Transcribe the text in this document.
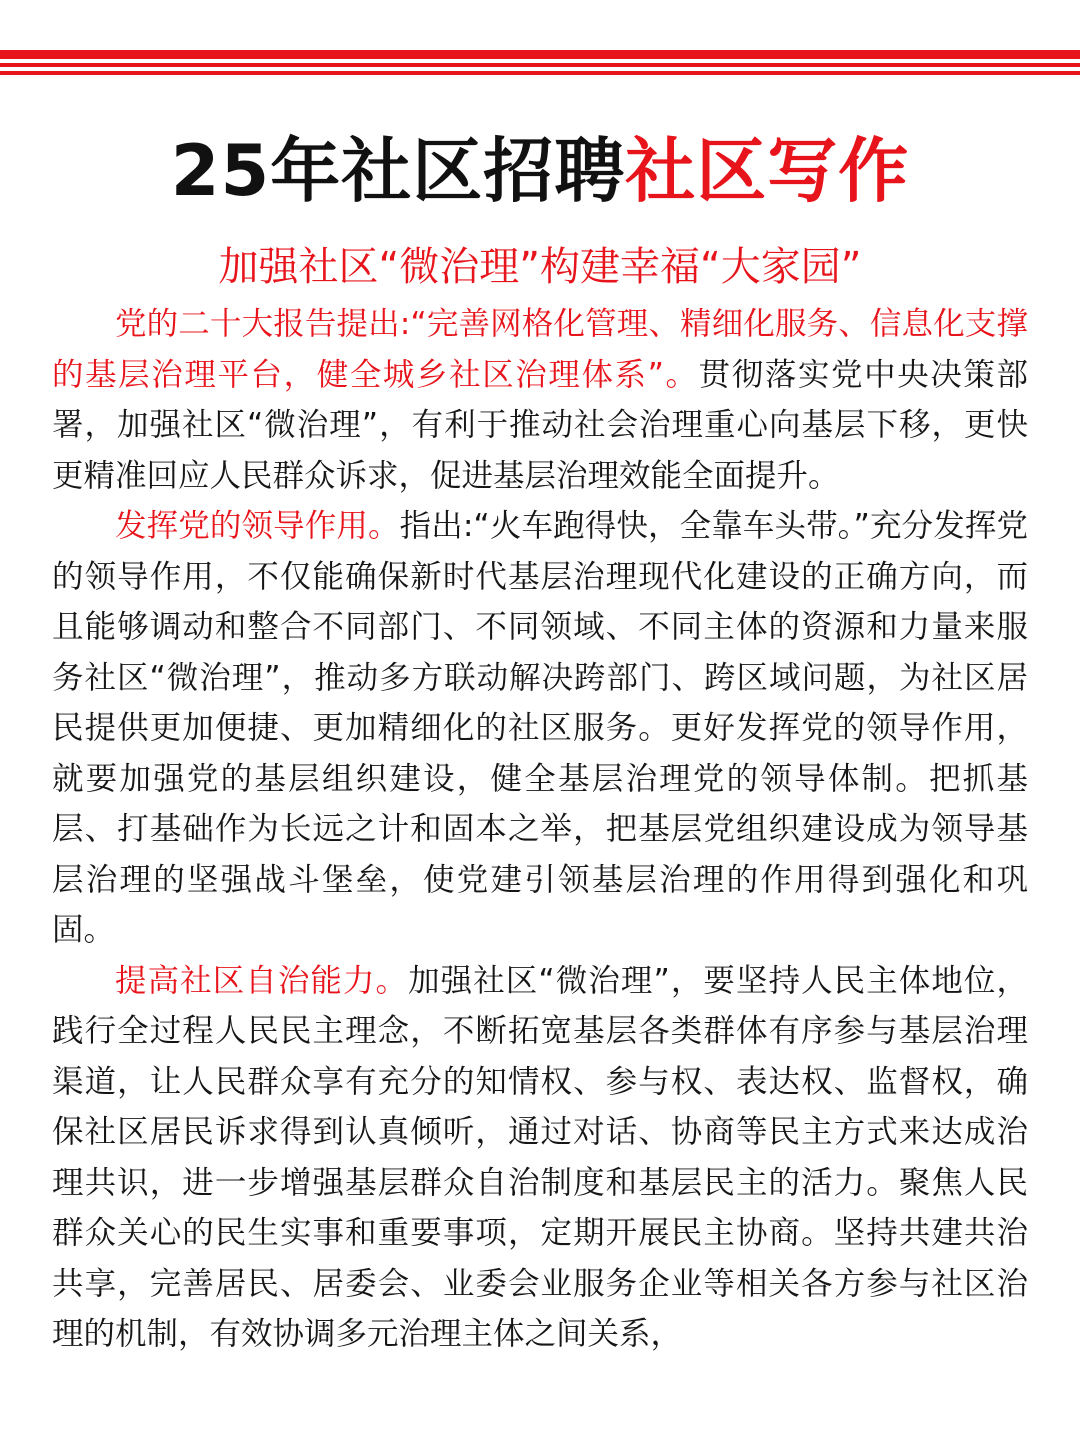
25年社区招聘社区写作
加强社区“微治理”构建幸福“大家园”

党的二十大报告提出:“完善网格化管理、精细化服务、信息化支撑的基层治理平台，健全城乡社区治理体系”。贯彻落实党中央决策部署，加强社区“微治理”，有利于推动社会治理重心向基层下移，更快更精准回应人民群众诉求，促进基层治理效能全面提升。

发挥党的领导作用。指出:“火车跑得快，全靠车头带。”充分发挥党的领导作用，不仅能确保新时代基层治理现代化建设的正确方向，而且能够调动和整合不同部门、不同领域、不同主体的资源和力量来服务社区“微治理”，推动多方联动解决跨部门、跨区域问题，为社区居民提供更加便捷、更加精细化的社区服务。更好发挥党的领导作用，就要加强党的基层组织建设，健全基层治理党的领导体制。把抓基层、打基础作为长远之计和固本之举，把基层党组织建设成为领导基层治理的坚强战斗堡垒，使党建引领基层治理的作用得到强化和巩固。

提高社区自治能力。加强社区“微治理”，要坚持人民主体地位，践行全过程人民民主理念，不断拓宽基层各类群体有序参与基层治理渠道，让人民群众享有充分的知情权、参与权、表达权、监督权，确保社区居民诉求得到认真倾听，通过对话、协商等民主方式来达成治理共识，进一步增强基层群众自治制度和基层民主的活力。聚焦人民群众关心的民生实事和重要事项，定期开展民主协商。坚持共建共治共享，完善居民、居委会、业委会业服务企业等相关各方参与社区治理的机制，有效协调多元治理主体之间关系，
